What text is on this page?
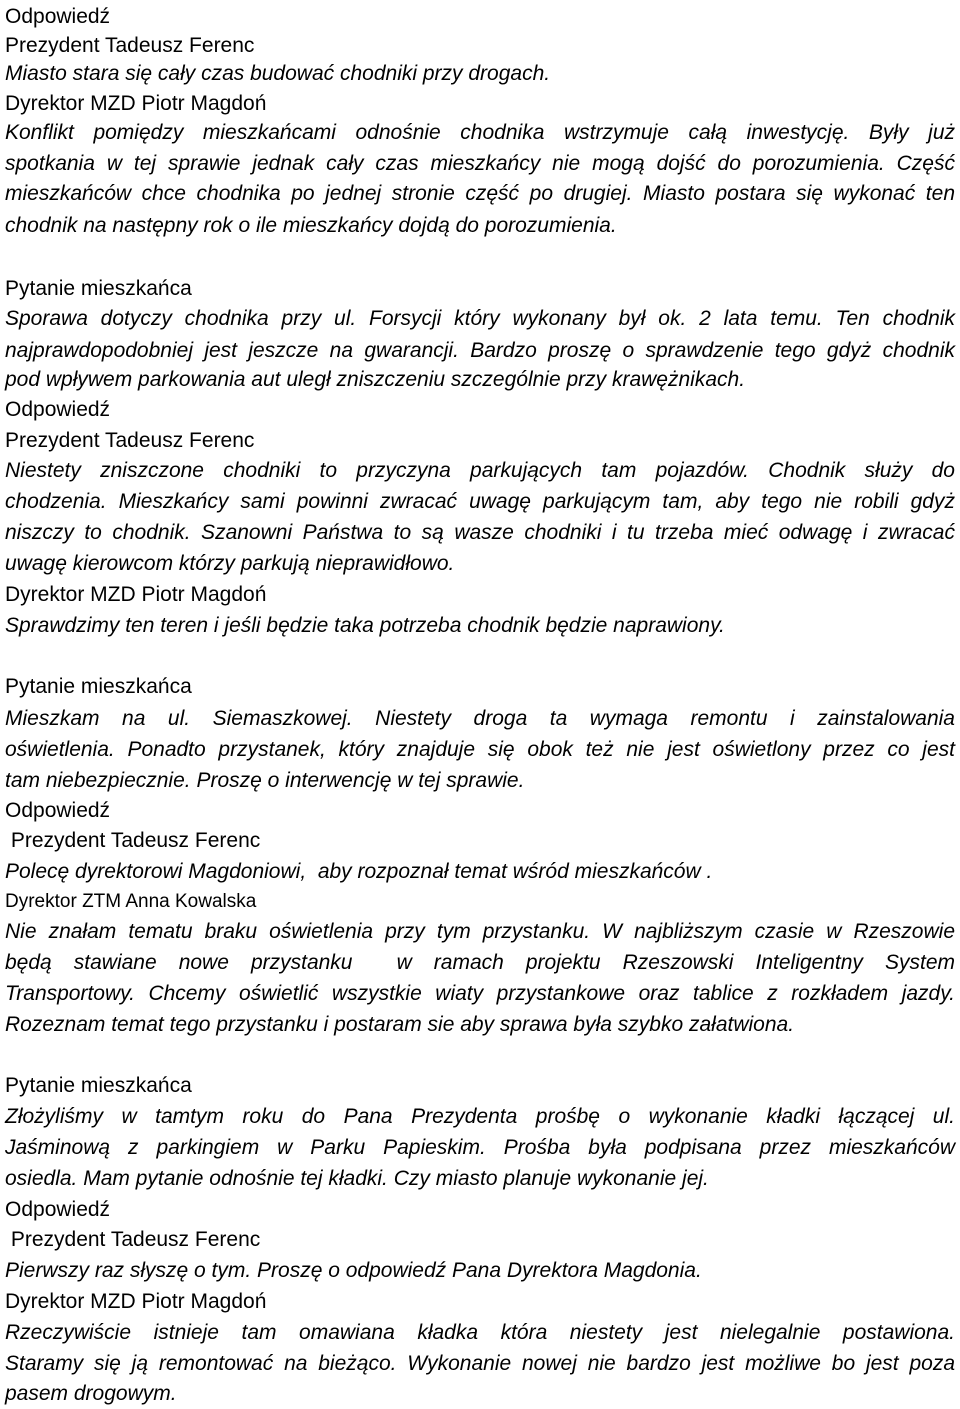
Odpowiedź
Prezydent Tadeusz Ferenc
Miasto stara się cały czas budować chodniki przy drogach.
Dyrektor MZD Piotr Magdoń
Konflikt pomiędzy mieszkańcami odnośnie chodnika wstrzymuje całą inwestycję. Były już
spotkania w tej sprawie jednak cały czas mieszkańcy nie mogą dojść do porozumienia. Część
mieszkańców chce chodnika po jednej stronie część po drugiej. Miasto postara się wykonać ten
chodnik na następny rok o ile mieszkańcy dojdą do porozumienia.
Pytanie mieszkańca
Sporawa dotyczy chodnika przy ul. Forsycji który wykonany był ok. 2 lata temu. Ten chodnik
najprawdopodobniej jest jeszcze na gwarancji. Bardzo proszę o sprawdzenie tego gdyż chodnik
pod wpływem parkowania aut uległ zniszczeniu szczególnie przy krawężnikach.
Odpowiedź
Prezydent Tadeusz Ferenc
Niestety zniszczone chodniki to przyczyna parkujących tam pojazdów. Chodnik służy do
chodzenia. Mieszkańcy sami powinni zwracać uwagę parkującym tam, aby tego nie robili gdyż
niszczy to chodnik. Szanowni Państwa to są wasze chodniki i tu trzeba mieć odwagę i zwracać
uwagę kierowcom którzy parkują nieprawidłowo.
Dyrektor MZD Piotr Magdoń
Sprawdzimy ten teren i jeśli będzie taka potrzeba chodnik będzie naprawiony.
Pytanie mieszkańca
Mieszkam na ul. Siemaszkowej. Niestety droga ta wymaga remontu i zainstalowania
oświetlenia. Ponadto przystanek, który znajduje się obok też nie jest oświetlony przez co jest
tam niebezpiecznie. Proszę o interwencję w tej sprawie.
Odpowiedź
Prezydent Tadeusz Ferenc
Polecę dyrektorowi Magdoniowi,  aby rozpoznał temat wśród mieszkańców .
Dyrektor ZTM Anna Kowalska
Nie znałam tematu braku oświetlenia przy tym przystanku. W najbliższym czasie w Rzeszowie
będą stawiane nowe przystanku  w ramach projektu Rzeszowski Inteligentny System
Transportowy. Chcemy oświetlić wszystkie wiaty przystankowe oraz tablice z rozkładem jazdy.
Rozeznam temat tego przystanku i postaram sie aby sprawa była szybko załatwiona.
Pytanie mieszkańca
Złożyliśmy w tamtym roku do Pana Prezydenta prośbę o wykonanie kładki łączącej ul.
Jaśminową z parkingiem w Parku Papieskim. Prośba była podpisana przez mieszkańców
osiedla. Mam pytanie odnośnie tej kładki. Czy miasto planuje wykonanie jej.
Odpowiedź
Prezydent Tadeusz Ferenc
Pierwszy raz słyszę o tym. Proszę o odpowiedź Pana Dyrektora Magdonia.
Dyrektor MZD Piotr Magdoń
Rzeczywiście istnieje tam omawiana kładka która niestety jest nielegalnie postawiona.
Staramy się ją remontować na bieżąco. Wykonanie nowej nie bardzo jest możliwe bo jest poza
pasem drogowym.
